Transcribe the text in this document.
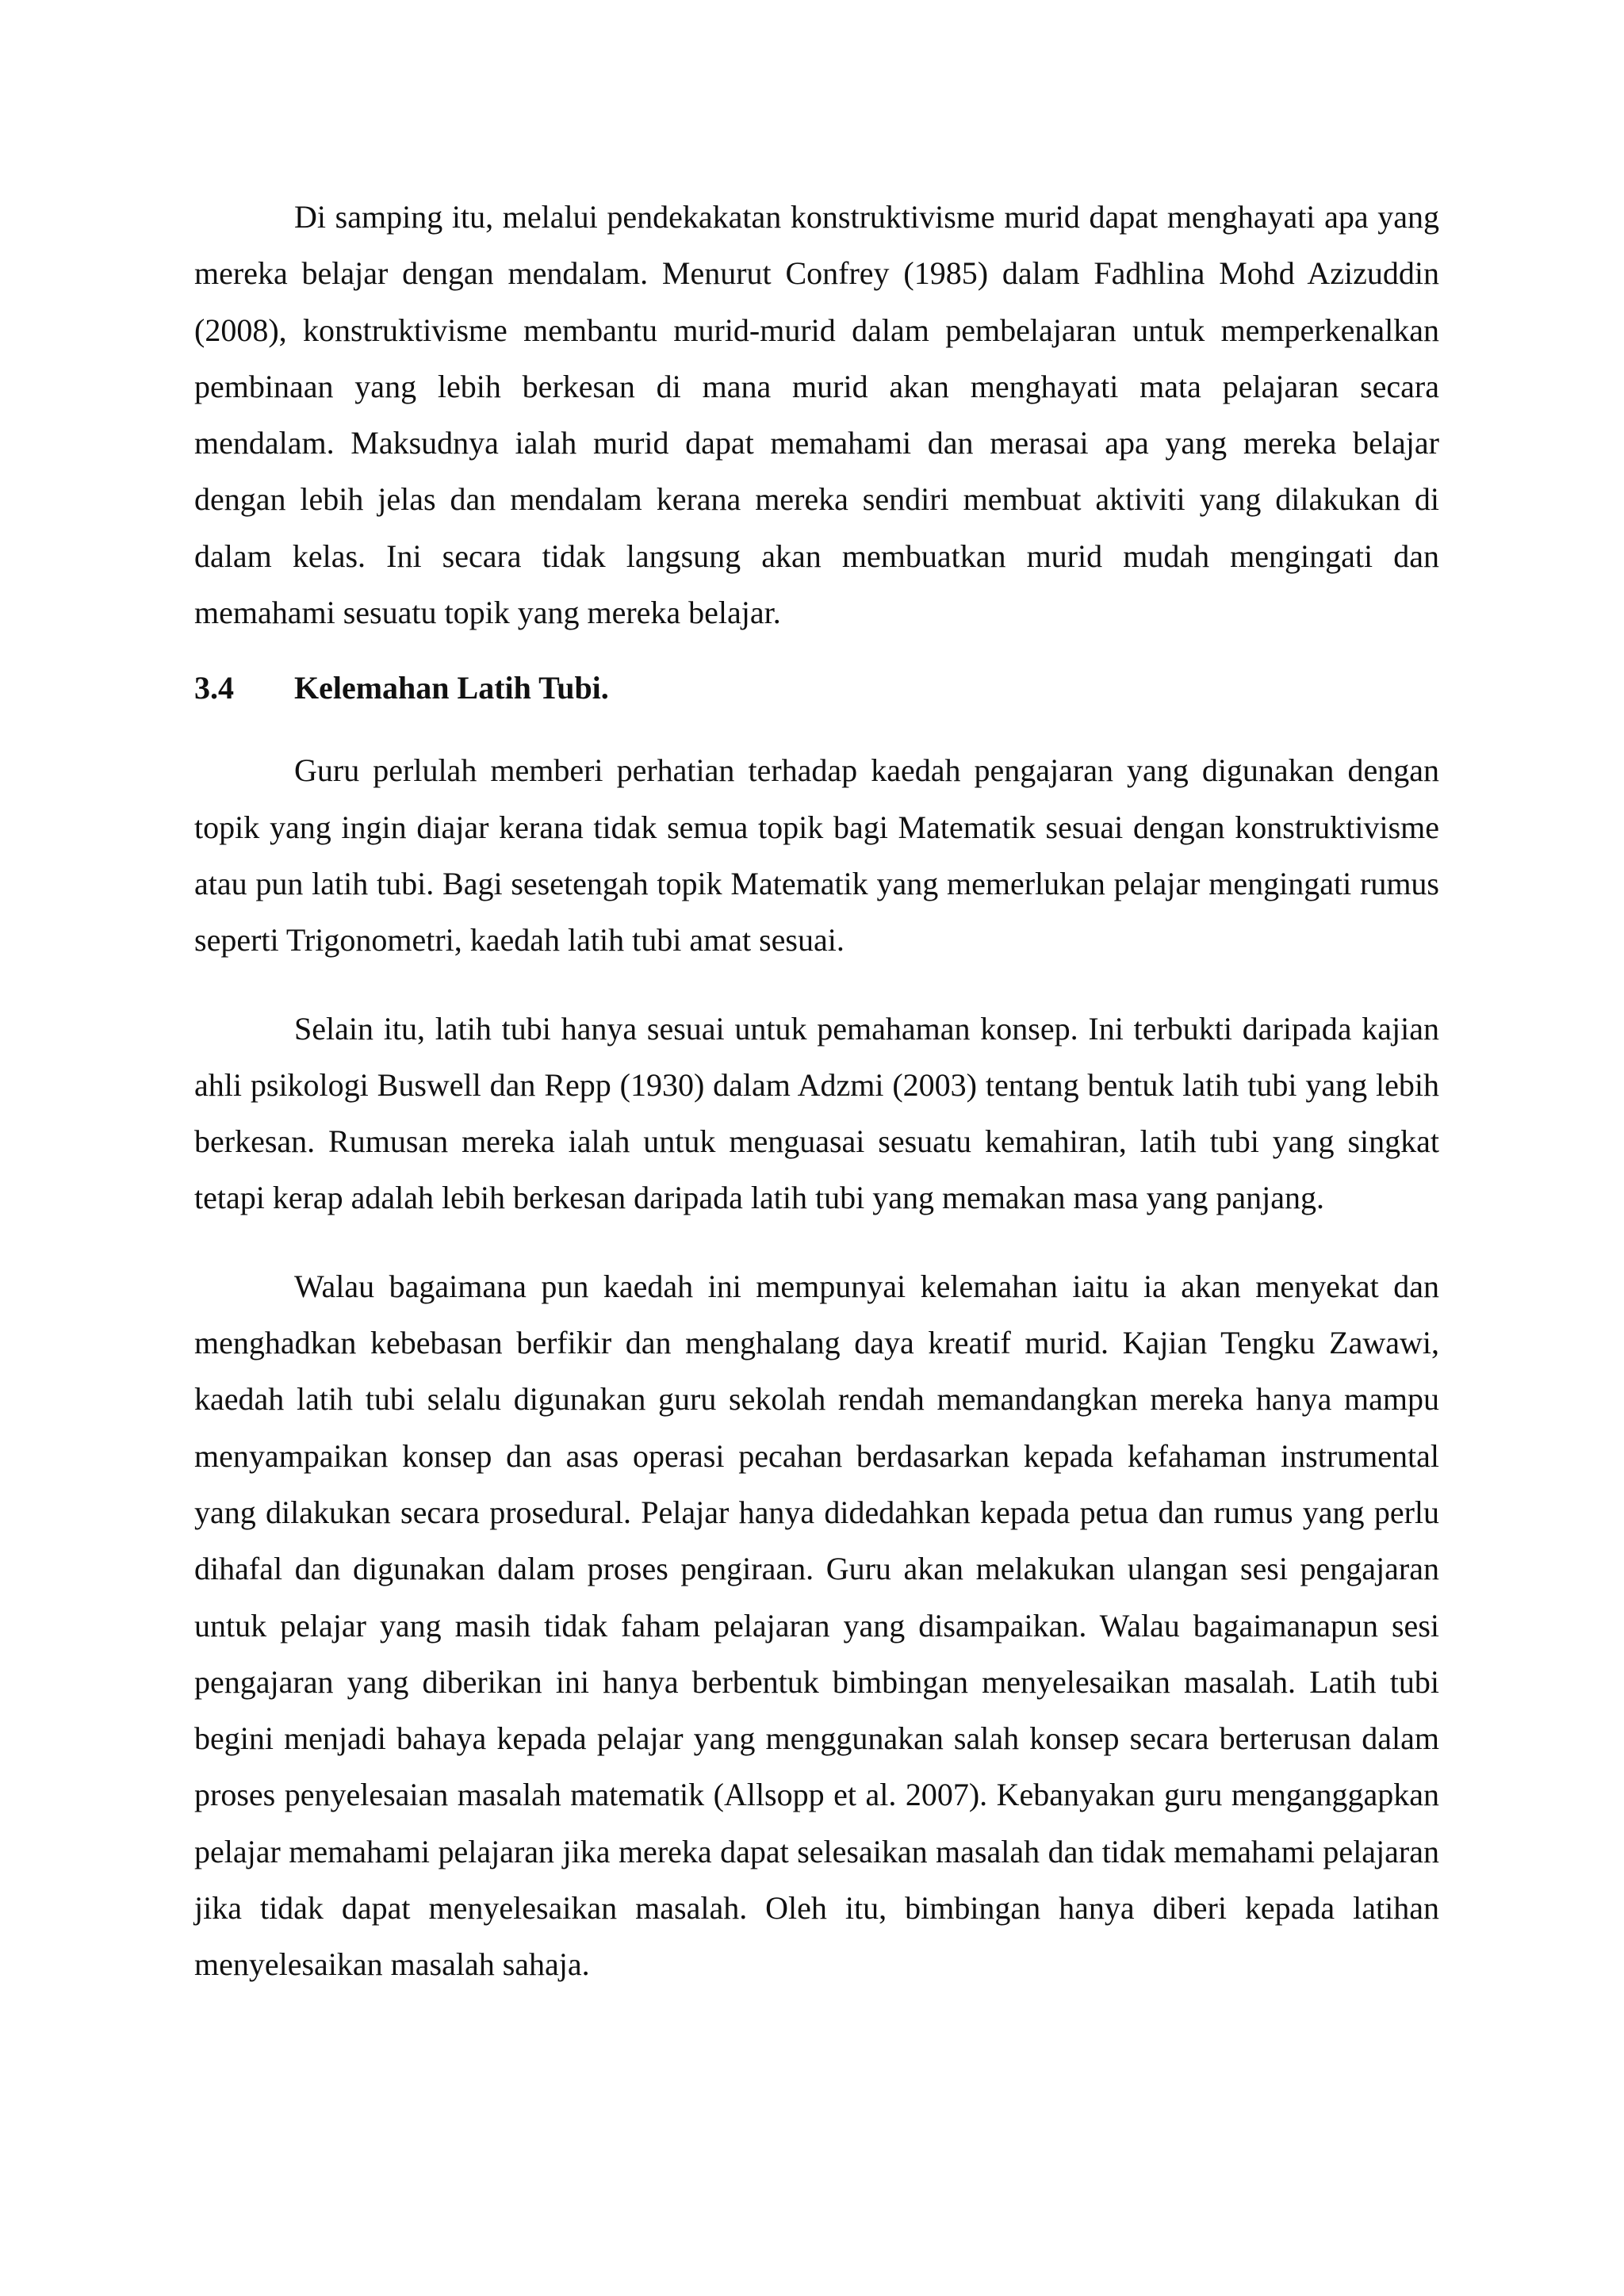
Di samping itu, melalui pendekakatan konstruktivisme murid dapat menghayati apa yang mereka belajar dengan mendalam. Menurut Confrey (1985) dalam Fadhlina Mohd Azizuddin (2008), konstruktivisme membantu murid-murid dalam pembelajaran untuk memperkenalkan pembinaan yang lebih berkesan di mana murid akan menghayati mata pelajaran secara mendalam. Maksudnya ialah murid dapat memahami dan merasai apa yang mereka belajar dengan lebih jelas dan mendalam kerana mereka sendiri membuat aktiviti yang dilakukan di dalam kelas. Ini secara tidak langsung akan membuatkan murid mudah mengingati dan memahami sesuatu topik yang mereka belajar.

3.4	Kelemahan Latih Tubi.

Guru perlulah memberi perhatian terhadap kaedah pengajaran yang digunakan dengan topik yang ingin diajar kerana tidak semua topik bagi Matematik sesuai dengan konstruktivisme atau pun latih tubi. Bagi sesetengah topik Matematik yang memerlukan pelajar mengingati rumus seperti Trigonometri, kaedah latih tubi amat sesuai.

Selain itu, latih tubi hanya sesuai untuk pemahaman konsep. Ini terbukti daripada kajian ahli psikologi Buswell dan Repp (1930) dalam Adzmi (2003) tentang bentuk latih tubi yang lebih berkesan. Rumusan mereka ialah untuk menguasai sesuatu kemahiran, latih tubi yang singkat tetapi kerap adalah lebih berkesan daripada latih tubi yang memakan masa yang panjang.

Walau bagaimana pun kaedah ini mempunyai kelemahan iaitu ia akan menyekat dan menghadkan kebebasan berfikir dan menghalang daya kreatif murid. Kajian Tengku Zawawi, kaedah latih tubi selalu digunakan guru sekolah rendah memandangkan mereka hanya mampu menyampaikan konsep dan asas operasi pecahan berdasarkan kepada kefahaman instrumental yang dilakukan secara prosedural. Pelajar hanya didedahkan kepada petua dan rumus yang perlu dihafal dan digunakan dalam proses pengiraan. Guru akan melakukan ulangan sesi pengajaran untuk pelajar yang masih tidak faham pelajaran yang disampaikan. Walau bagaimanapun sesi pengajaran yang diberikan ini hanya berbentuk bimbingan menyelesaikan masalah. Latih tubi begini menjadi bahaya kepada pelajar yang menggunakan salah konsep secara berterusan dalam proses penyelesaian masalah matematik (Allsopp et al. 2007). Kebanyakan guru menganggapkan pelajar memahami pelajaran jika mereka dapat selesaikan masalah dan tidak memahami pelajaran jika tidak dapat menyelesaikan masalah. Oleh itu, bimbingan hanya diberi kepada latihan menyelesaikan masalah sahaja.
